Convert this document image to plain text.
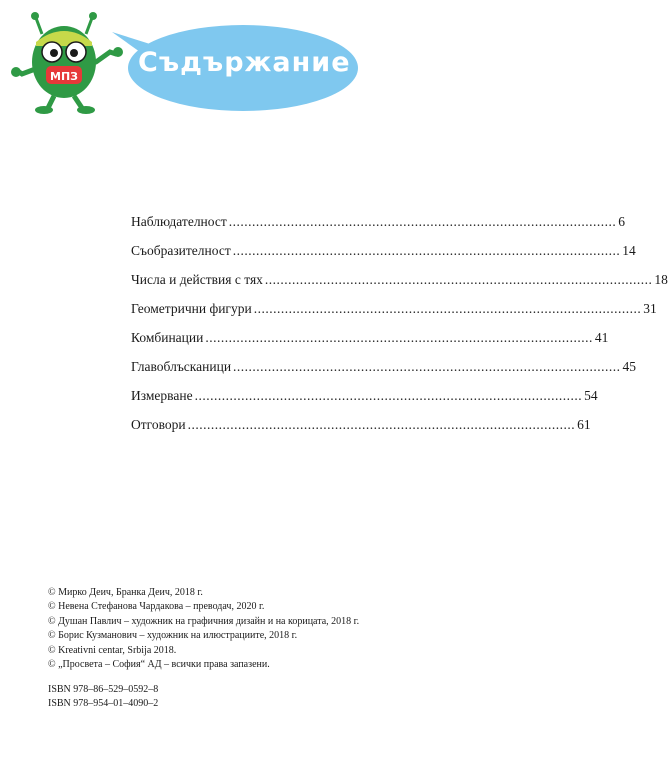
МПЗ Съдържание
Наблюдателност .................................................................................................... 6
Съобразителност .................................................................................................... 14
Числа и действия с тях .................................................................................................... 18
Геометрични фигури .................................................................................................... 31
Комбинации .................................................................................................... 41
Главоблъсканици .................................................................................................... 45
Измерване .................................................................................................... 54
Отговори .................................................................................................... 61
© Мирко Деич, Бранка Деич, 2018 г.
© Невена Стефанова Чардакова – преводач, 2020 г.
© Душан Павлич – художник на графичния дизайн и на корицата, 2018 г.
© Борис Кузманович – художник на илюстрациите, 2018 г.
© Kreativni centar, Srbija 2018.
© „Просвета – София“ АД – всички права запазени.
ISBN 978–86–529–0592–8
ISBN 978–954–01–4090–2
